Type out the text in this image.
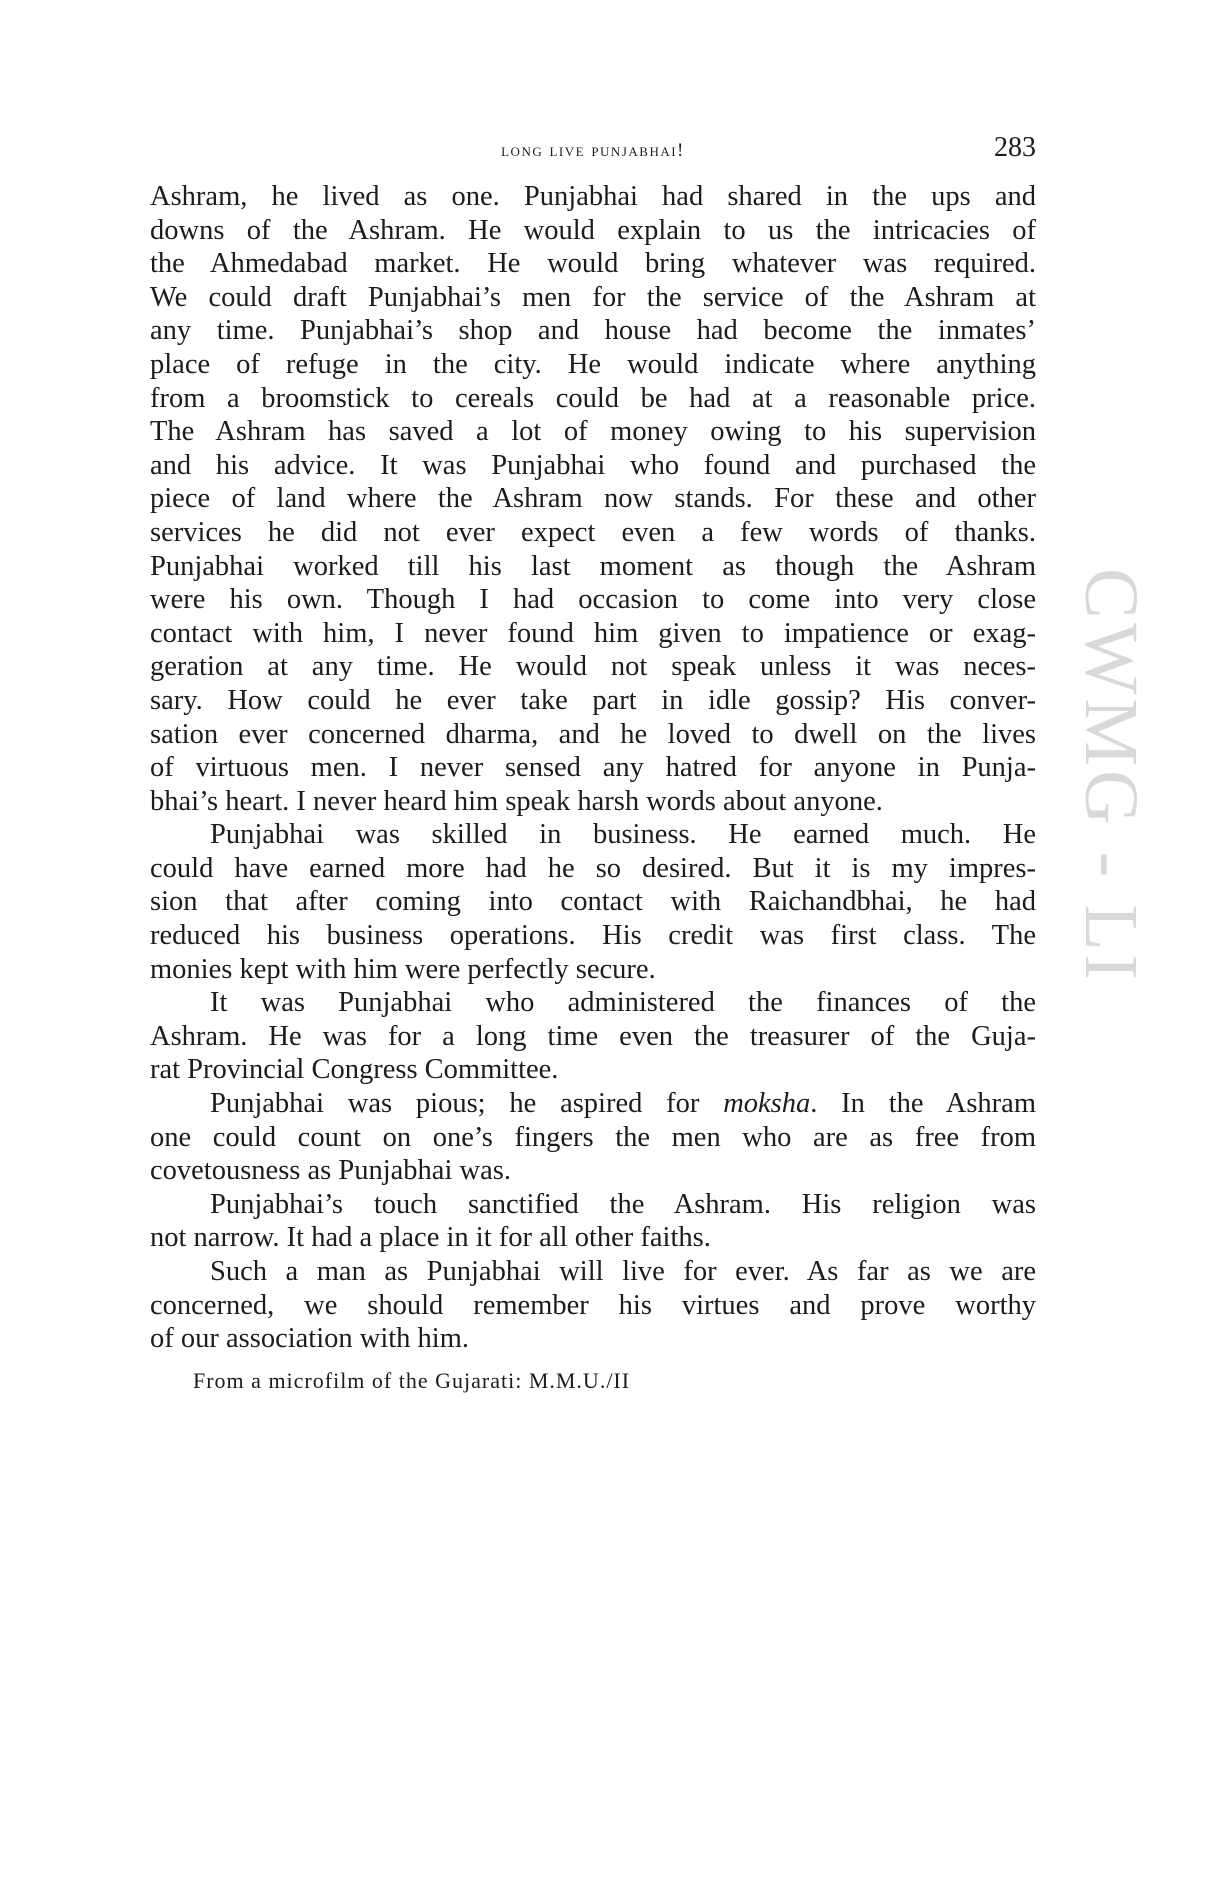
long live punjabhai!	283
CWMG - LI
Ashram, he lived as one. Punjabhai had shared in the ups and
downs of the Ashram. He would explain to us the intricacies of
the Ahmedabad market. He would bring whatever was required.
We could draft Punjabhai’s men for the service of the Ashram at
any time. Punjabhai’s shop and house had become the inmates’
place of refuge in the city. He would indicate where anything
from a broomstick to cereals could be had at a reasonable price.
The Ashram has saved a lot of money owing to his supervision
and his advice. It was Punjabhai who found and purchased the
piece of land where the Ashram now stands. For these and other
services he did not ever expect even a few words of thanks.
Punjabhai worked till his last moment as though the Ashram
were his own. Though I had occasion to come into very close
contact with him, I never found him given to impatience or exag-
geration at any time. He would not speak unless it was neces-
sary. How could he ever take part in idle gossip? His conver-
sation ever concerned dharma, and he loved to dwell on the lives
of virtuous men. I never sensed any hatred for anyone in Punja-
bhai’s heart. I never heard him speak harsh words about anyone.
Punjabhai was skilled in business. He earned much. He
could have earned more had he so desired. But it is my impres-
sion that after coming into contact with Raichandbhai, he had
reduced his business operations. His credit was first class. The
monies kept with him were perfectly secure.
It was Punjabhai who administered the finances of the
Ashram. He was for a long time even the treasurer of the Guja-
rat Provincial Congress Committee.
Punjabhai was pious; he aspired for moksha. In the Ashram
one could count on one’s fingers the men who are as free from
covetousness as Punjabhai was.
Punjabhai’s touch sanctified the Ashram. His religion was
not narrow. It had a place in it for all other faiths.
Such a man as Punjabhai will live for ever. As far as we are
concerned, we should remember his virtues and prove worthy
of our association with him.
From a microfilm of the Gujarati: M.M.U./II
